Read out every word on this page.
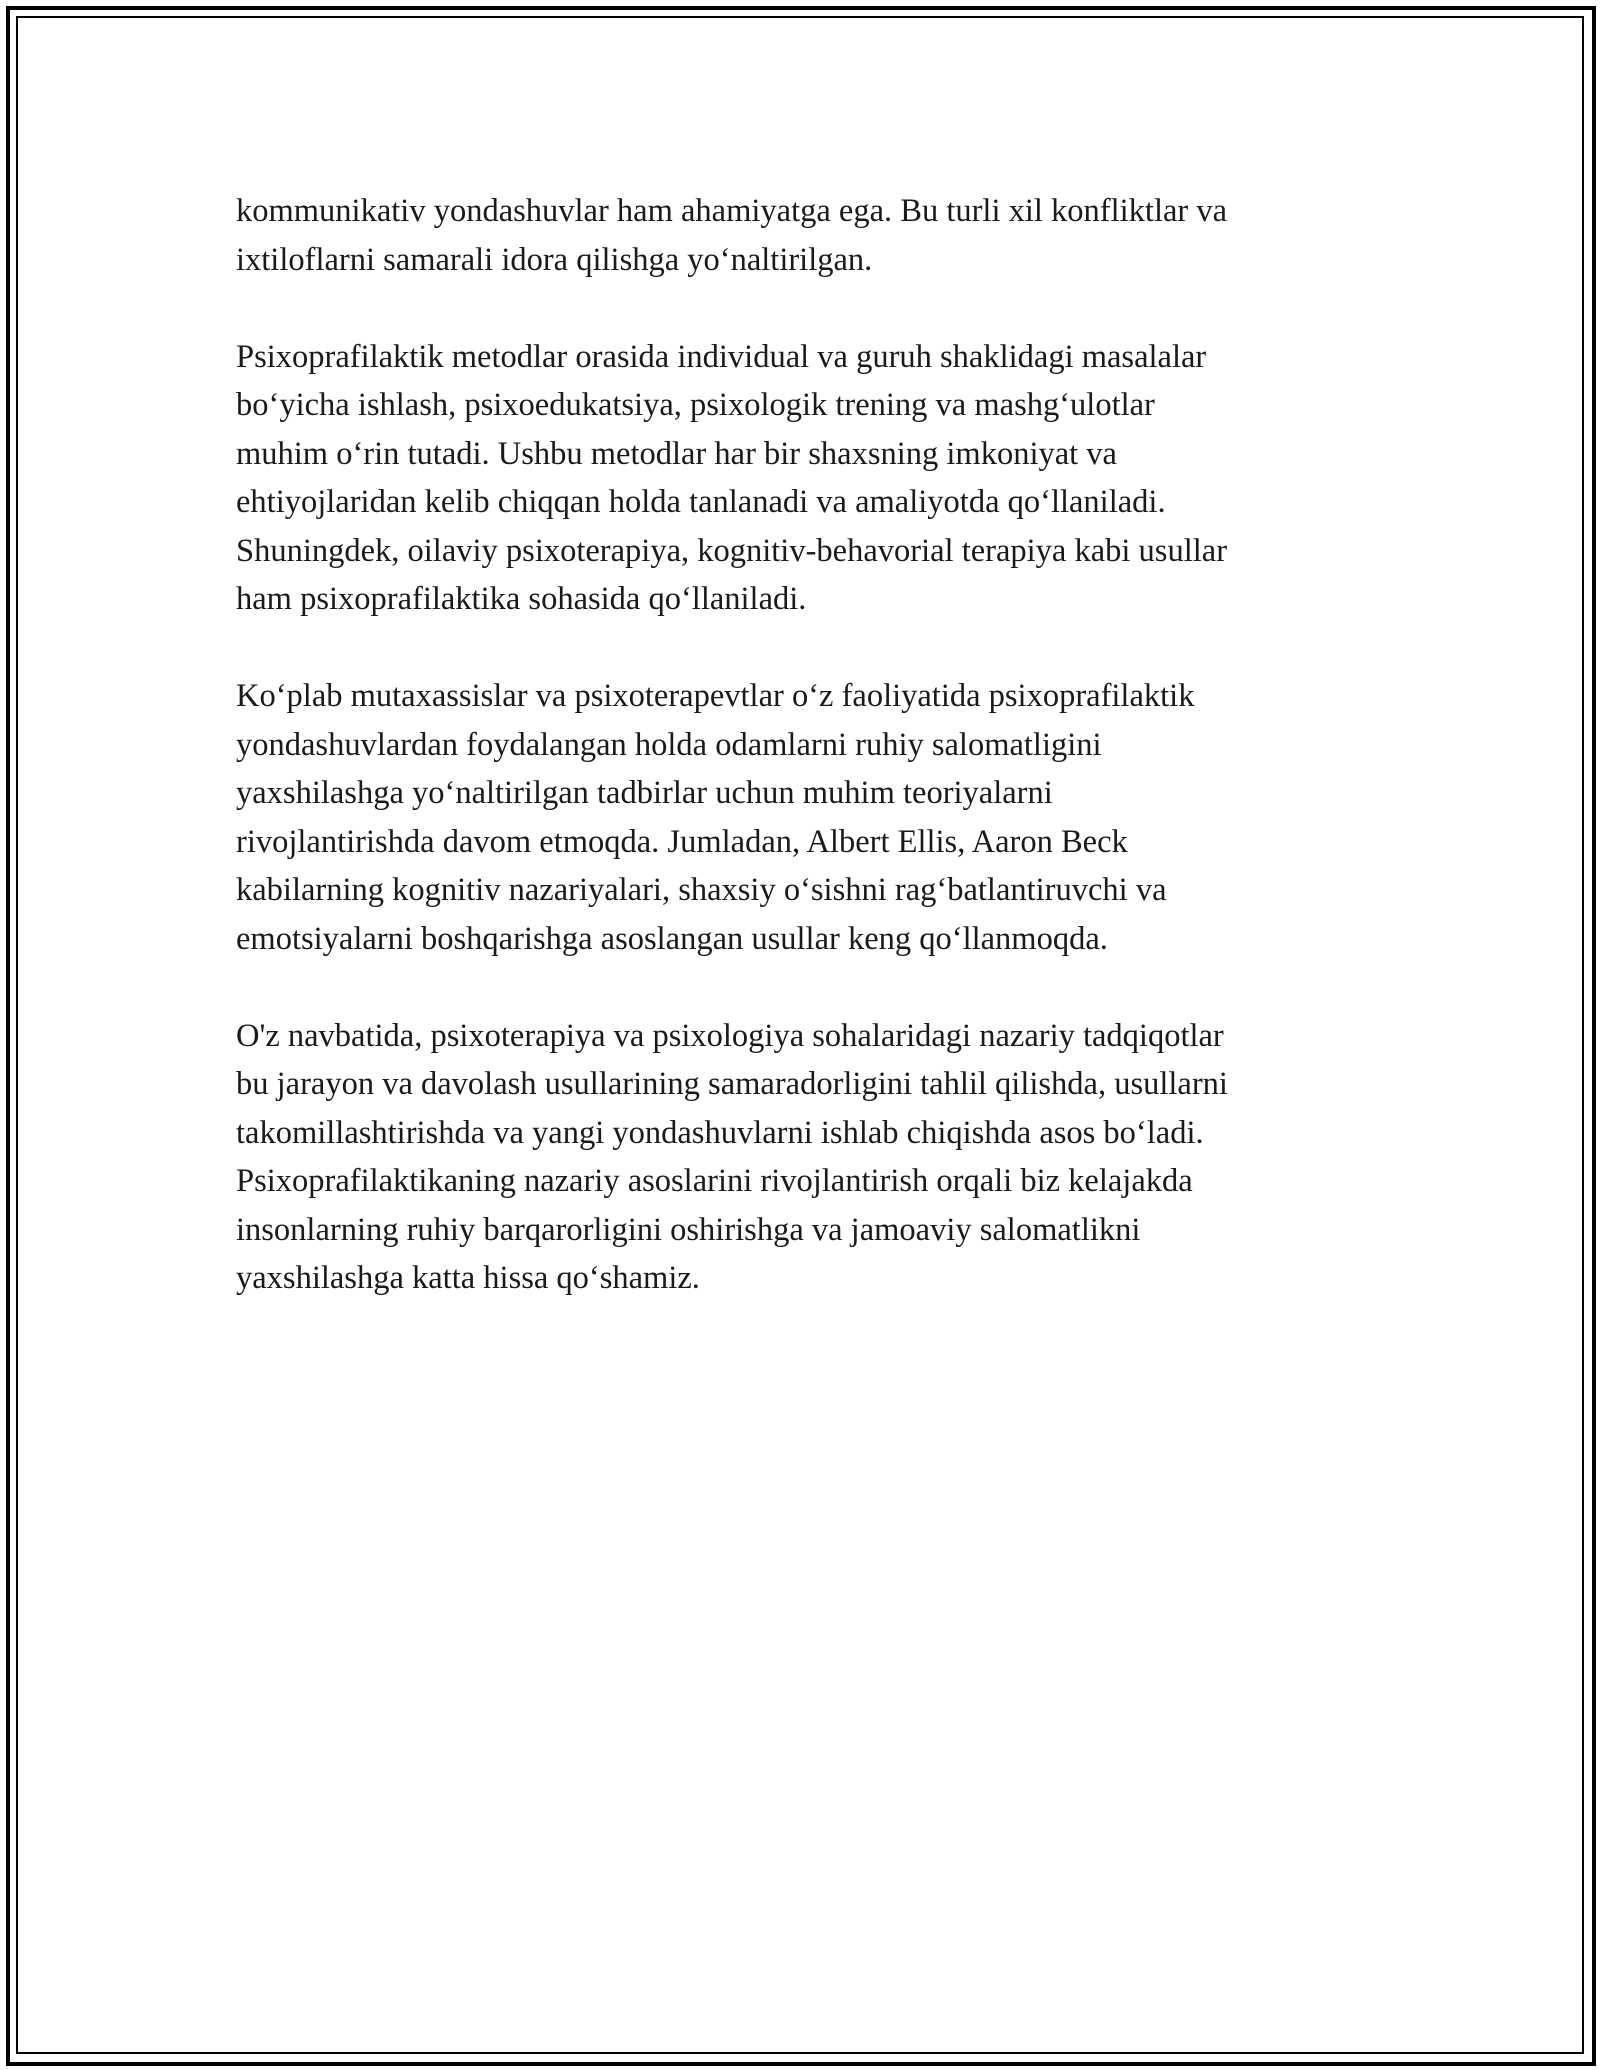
kommunikativ yondashuvlar ham ahamiyatga ega. Bu turli xil konfliktlar va
ixtiloflarni samarali idora qilishga yo‘naltirilgan.

Psixoprafilaktik metodlar orasida individual va guruh shaklidagi masalalar
bo‘yicha ishlash, psixoedukatsiya, psixologik trening va mashg‘ulotlar
muhim o‘rin tutadi. Ushbu metodlar har bir shaxsning imkoniyat va
ehtiyojlaridan kelib chiqqan holda tanlanadi va amaliyotda qo‘llaniladi.
Shuningdek, oilaviy psixoterapiya, kognitiv-behavorial terapiya kabi usullar
ham psixoprafilaktika sohasida qo‘llaniladi.

Ko‘plab mutaxassislar va psixoterapevtlar o‘z faoliyatida psixoprafilaktik
yondashuvlardan foydalangan holda odamlarni ruhiy salomatligini
yaxshilashga yo‘naltirilgan tadbirlar uchun muhim teoriyalarni
rivojlantirishda davom etmoqda. Jumladan, Albert Ellis, Aaron Beck
kabilarning kognitiv nazariyalari, shaxsiy o‘sishni rag‘batlantiruvchi va
emotsiyalarni boshqarishga asoslangan usullar keng qo‘llanmoqda.

O'z navbatida, psixoterapiya va psixologiya sohalaridagi nazariy tadqiqotlar
bu jarayon va davolash usullarining samaradorligini tahlil qilishda, usullarni
takomillashtirishda va yangi yondashuvlarni ishlab chiqishda asos bo‘ladi.
Psixoprafilaktikaning nazariy asoslarini rivojlantirish orqali biz kelajakda
insonlarning ruhiy barqarorligini oshirishga va jamoaviy salomatlikni
yaxshilashga katta hissa qo‘shamiz.
